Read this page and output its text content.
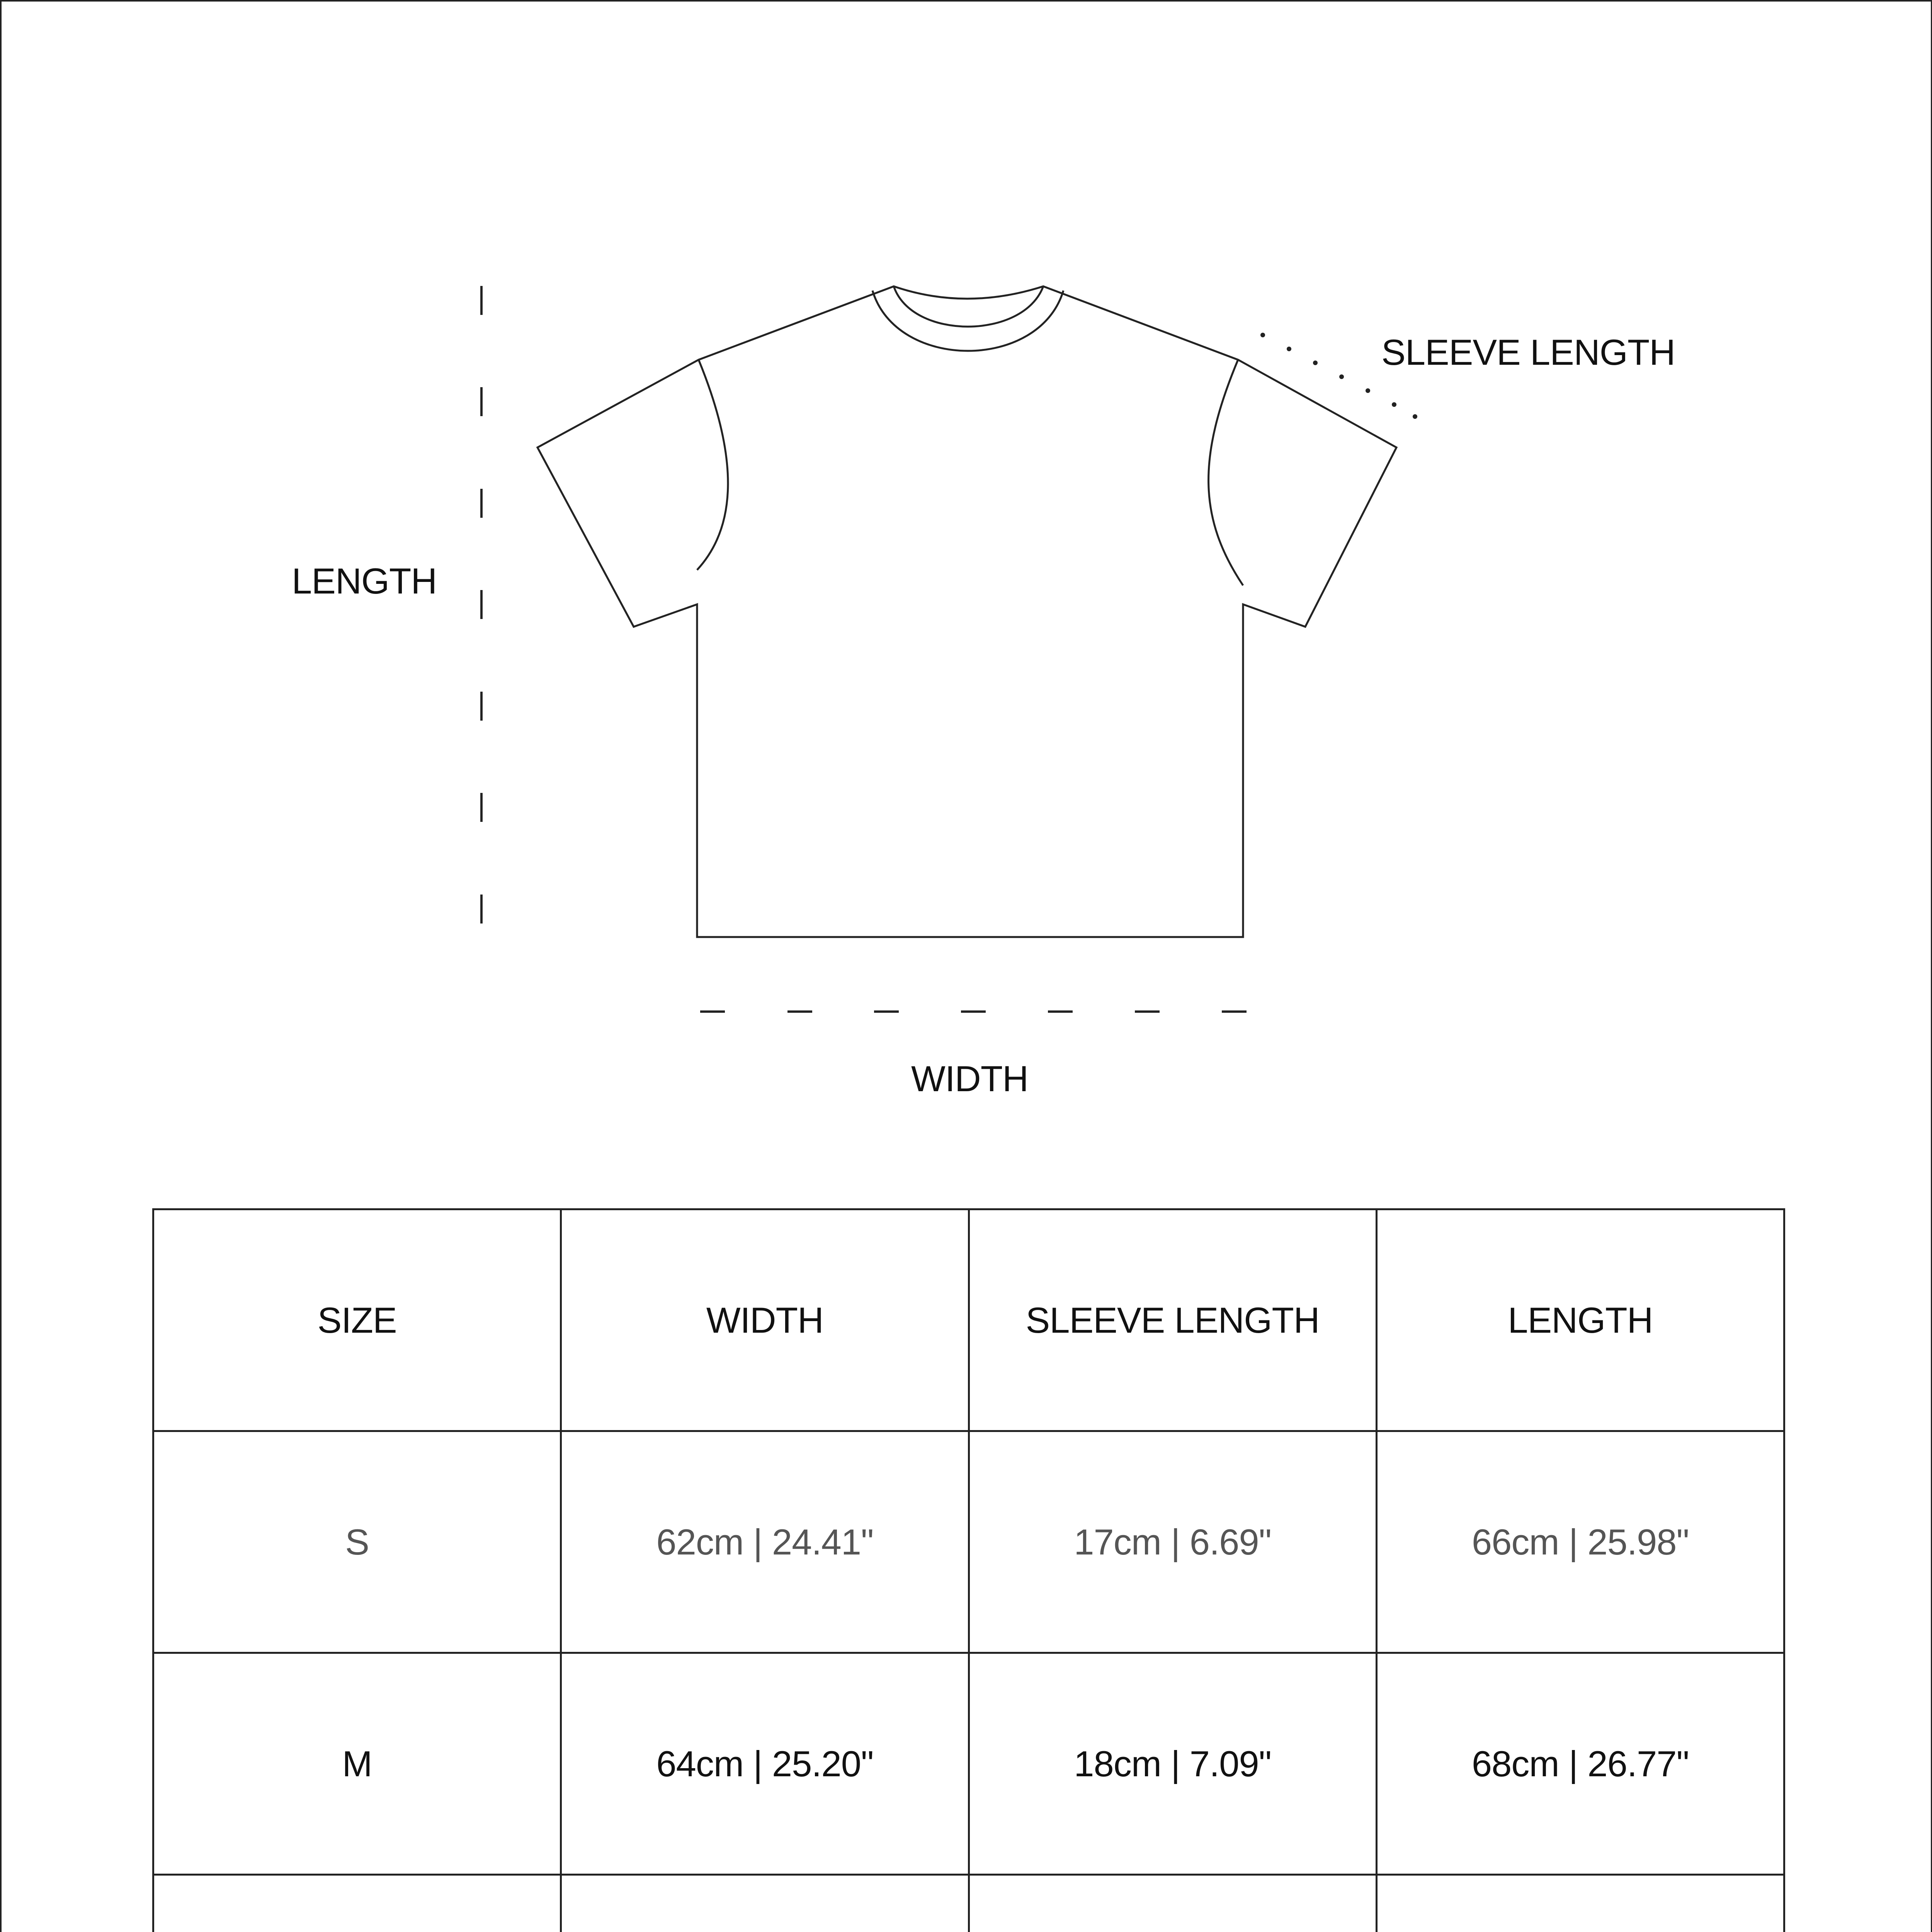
SLEEVE LENGTH
LENGTH
WIDTH
SIZE	WIDTH	SLEEVE LENGTH	LENGTH
S	62cm | 24.41"	17cm | 6.69"	66cm | 25.98"
M	64cm | 25.20"	18cm | 7.09"	68cm | 26.77"
